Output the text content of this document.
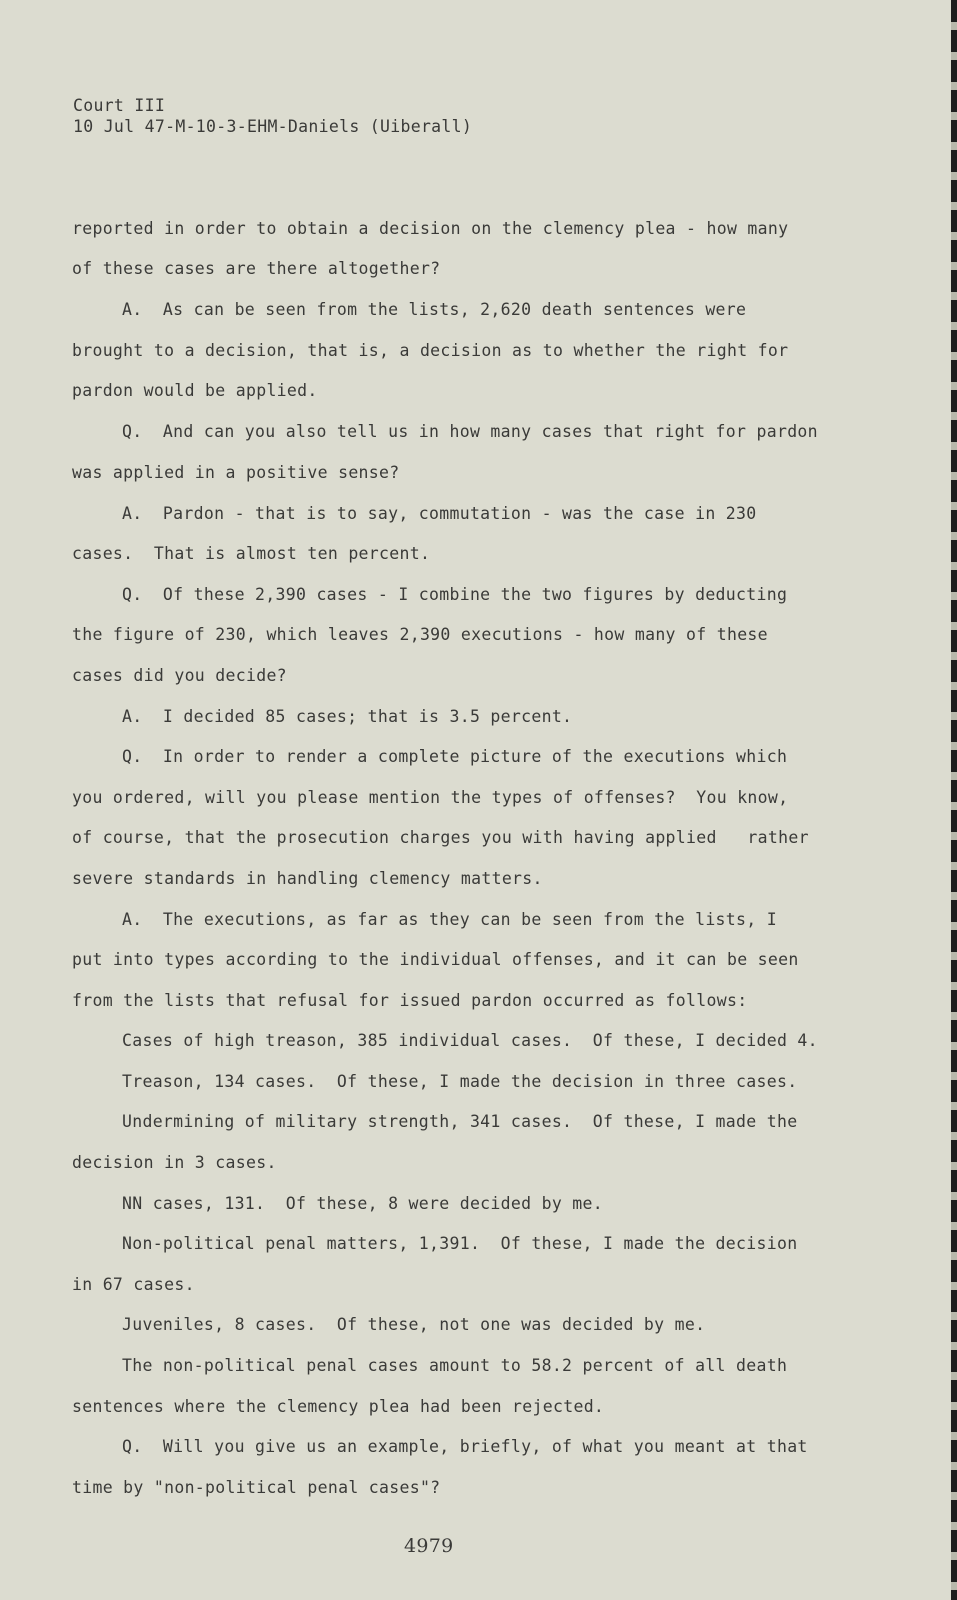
Court III
10 Jul 47-M-10-3-EHM-Daniels (Uiberall)
reported in order to obtain a decision on the clemency plea - how many
of these cases are there altogether?
A.  As can be seen from the lists, 2,620 death sentences were
brought to a decision, that is, a decision as to whether the right for
pardon would be applied.
Q.  And can you also tell us in how many cases that right for pardon
was applied in a positive sense?
A.  Pardon - that is to say, commutation - was the case in 230
cases.  That is almost ten percent.
Q.  Of these 2,390 cases - I combine the two figures by deducting
the figure of 230, which leaves 2,390 executions - how many of these
cases did you decide?
A.  I decided 85 cases; that is 3.5 percent.
Q.  In order to render a complete picture of the executions which
you ordered, will you please mention the types of offenses?  You know,
of course, that the prosecution charges you with having applied   rather
severe standards in handling clemency matters.
A.  The executions, as far as they can be seen from the lists, I
put into types according to the individual offenses, and it can be seen
from the lists that refusal for issued pardon occurred as follows:
Cases of high treason, 385 individual cases.  Of these, I decided 4.
Treason, 134 cases.  Of these, I made the decision in three cases.
Undermining of military strength, 341 cases.  Of these, I made the
decision in 3 cases.
NN cases, 131.  Of these, 8 were decided by me.
Non-political penal matters, 1,391.  Of these, I made the decision
in 67 cases.
Juveniles, 8 cases.  Of these, not one was decided by me.
The non-political penal cases amount to 58.2 percent of all death
sentences where the clemency plea had been rejected.
Q.  Will you give us an example, briefly, of what you meant at that
time by "non-political penal cases"?
4979
